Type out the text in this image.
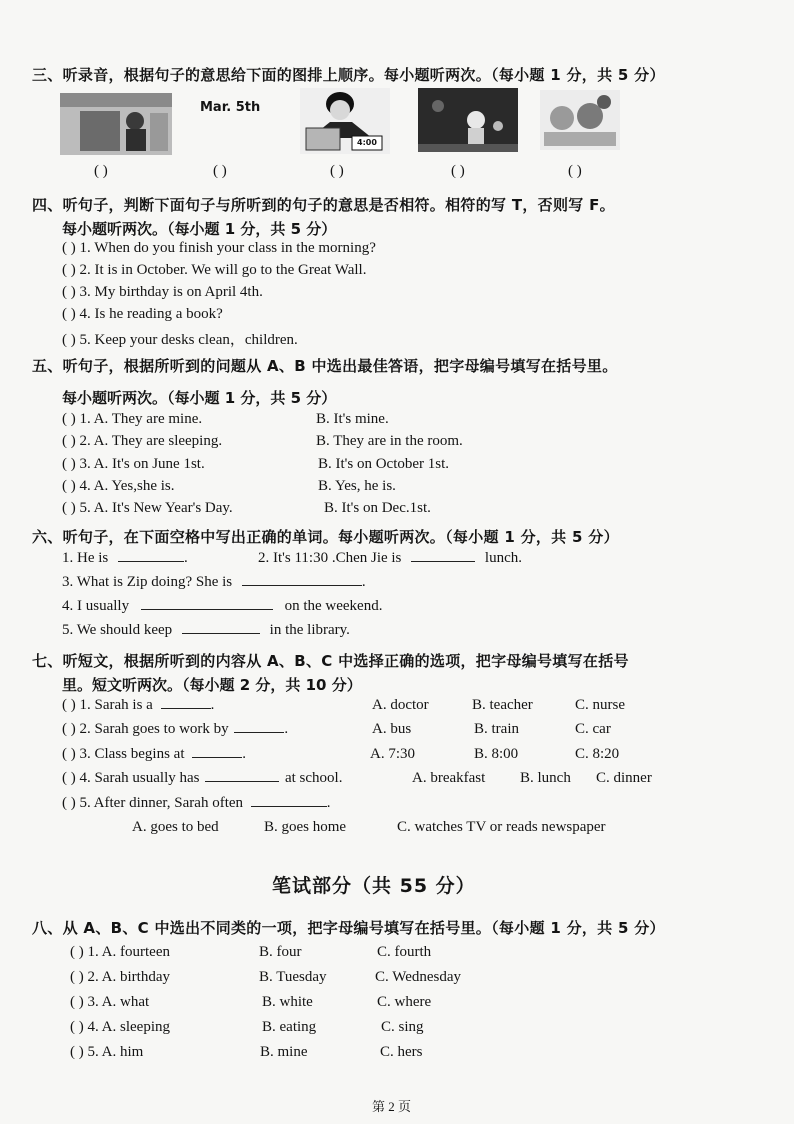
三、听录音，根据句子的意思给下面的图排上顺序。每小题听两次。（每小题 1 分，共 5 分）
Mar. 5th
4:00
( )	( )	( )	( )	( )
四、听句子，判断下面句子与所听到的句子的意思是否相符。相符的写 T，否则写 F。
每小题听两次。（每小题 1 分，共 5 分）
( ) 1. When do you finish your class in the morning?
( ) 2. It is in October. We will go to the Great Wall.
( ) 3. My birthday is on April 4th.
( ) 4. Is he reading a book?
( ) 5. Keep your desks clean，children.
五、听句子，根据所听到的问题从 A、B 中选出最佳答语，把字母编号填写在括号里。
每小题听两次。（每小题 1 分，共 5 分）
( ) 1. A. They are mine.	B. It's mine.
( ) 2. A. They are sleeping.	B. They are in the room.
( ) 3. A. It's on June 1st.	B. It's on October 1st.
( ) 4. A. Yes,she is.	B. Yes, he is.
( ) 5. A. It's New Year's Day.	B. It's on Dec.1st.
六、听句子，在下面空格中写出正确的单词。每小题听两次。（每小题 1 分，共 5 分）
1. He is	.	2. It's 11:30 .Chen Jie is	lunch.
3. What is Zip doing? She is	.
4. I usually	on the weekend.
5. We should keep	in the library.
七、听短文，根据所听到的内容从 A、B、C 中选择正确的选项，把字母编号填写在括号
里。短文听两次。（每小题 2 分，共 10 分）
( ) 1. Sarah is a	.	A. doctor	B. teacher	C. nurse
( ) 2. Sarah goes to work by	.	A. bus	B. train	C. car
( ) 3. Class begins at	.	A. 7:30	B. 8:00	C. 8:20
( ) 4. Sarah usually has	at school.	A. breakfast B. lunch C. dinner
( ) 5. After dinner, Sarah often	.
A. goes to bed	B. goes home	C. watches TV or reads newspaper
笔试部分（共 55 分）
八、从 A、B、C 中选出不同类的一项，把字母编号填写在括号里。（每小题 1 分，共 5 分）
( ) 1. A. fourteen	B. four	C. fourth
( ) 2. A. birthday	B. Tuesday	C. Wednesday
( ) 3. A. what	B. white	C. where
( ) 4. A. sleeping	B. eating	C. sing
( ) 5. A. him	B. mine	C. hers
第 2 页
